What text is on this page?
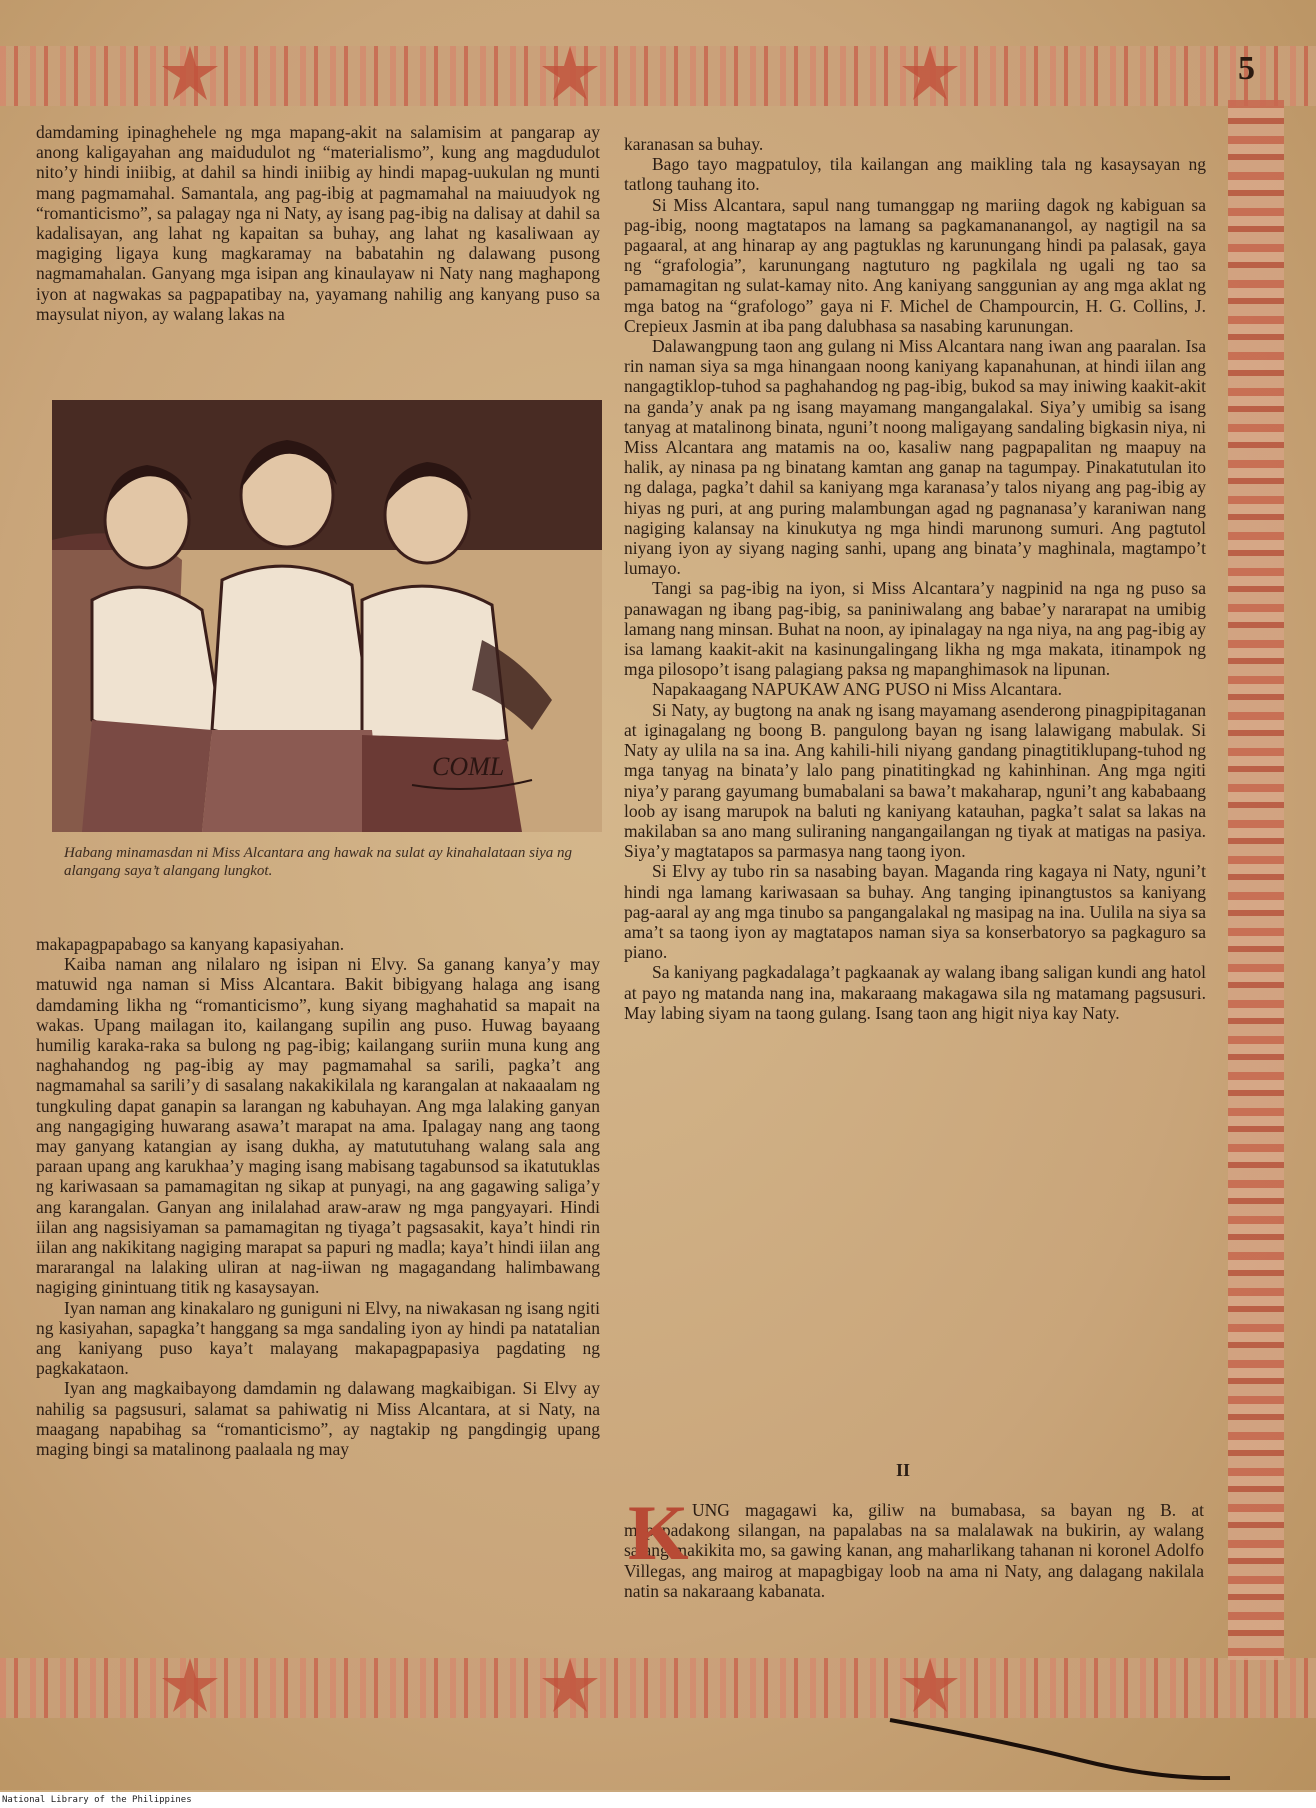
5

damdaming ipinaghehele ng mga mapang-akit na salamisim at pangarap ay anong kaligayahan ang maidudulot ng “materialismo”, kung ang magdudulot nito’y hindi iniibig, at dahil sa hindi iniibig ay hindi mapag-uukulan ng munti mang pagmamahal. Samantala, ang pag-ibig at pagmamahal na maiuudyok ng “romanticismo”, sa palagay nga ni Naty, ay isang pag-ibig na dalisay at dahil sa kadalisayan, ang lahat ng kapaitan sa buhay, ang lahat ng kasaliwaan ay magiging ligaya kung magkaramay na babatahin ng dalawang pusong nagmamahalan. Ganyang mga isipan ang kinaulayaw ni Naty nang maghapong iyon at nagwakas sa pagpapatibay na, yayamang nahilig ang kanyang puso sa maysulat niyon, ay walang lakas na

COML
Habang minamasdan ni Miss Alcantara ang hawak na sulat ay kinahalataan siya ng alangang saya’t alangang lungkot.

makapagpapabago sa kanyang kapasiyahan.

Kaiba naman ang nilalaro ng isipan ni Elvy. Sa ganang kanya’y may matuwid nga naman si Miss Alcantara. Bakit bibigyang halaga ang isang damdaming likha ng “romanticismo”, kung siyang maghahatid sa mapait na wakas. Upang mailagan ito, kailangang supilin ang puso. Huwag bayaang humilig karaka-raka sa bulong ng pag-ibig; kailangang suriin muna kung ang naghahandog ng pag-ibig ay may pagmamahal sa sarili, pagka’t ang nagmamahal sa sarili’y di sasalang nakakikilala ng karangalan at nakaaalam ng tungkuling dapat ganapin sa larangan ng kabuhayan. Ang mga lalaking ganyan ang nangagiging huwarang asawa’t marapat na ama. Ipalagay nang ang taong may ganyang katangian ay isang dukha, ay matututuhang walang sala ang paraan upang ang karukhaa’y maging isang mabisang tagabunsod sa ikatutuklas ng kariwasaan sa pamamagitan ng sikap at punyagi, na ang gagawing saliga’y ang karangalan. Ganyan ang inilalahad araw-araw ng mga pangyayari. Hindi iilan ang nagsisiyaman sa pamamagitan ng tiyaga’t pagsasakit, kaya’t hindi rin iilan ang nakikitang nagiging marapat sa papuri ng madla; kaya’t hindi iilan ang mararangal na lalaking uliran at nag-iiwan ng magagandang halimbawang nagiging ginintuang titik ng kasaysayan.

Iyan naman ang kinakalaro ng guniguni ni Elvy, na niwakasan ng isang ngiti ng kasiyahan, sapagka’t hanggang sa mga sandaling iyon ay hindi pa natatalian ang kaniyang puso kaya’t malayang makapagpapasiya pagdating ng pagkakataon.

Iyan ang magkaibayong damdamin ng dalawang magkaibigan. Si Elvy ay nahilig sa pagsusuri, salamat sa pahiwatig ni Miss Alcantara, at si Naty, na maagang napabihag sa “romanticismo”, ay nagtakip ng pangdingig upang maging bingi sa matalinong paalaala ng may

karanasan sa buhay.

Bago tayo magpatuloy, tila kailangan ang maikling tala ng kasaysayan ng tatlong tauhang ito.

Si Miss Alcantara, sapul nang tumanggap ng mariing dagok ng kabiguan sa pag-ibig, noong magtatapos na lamang sa pagkamananangol, ay nagtigil na sa pagaaral, at ang hinarap ay ang pagtuklas ng karunungang hindi pa palasak, gaya ng “grafologia”, karunungang nagtuturo ng pagkilala ng ugali ng tao sa pamamagitan ng sulat-kamay nito. Ang kaniyang sanggunian ay ang mga aklat ng mga batog na “grafologo” gaya ni F. Michel de Champourcin, H. G. Collins, J. Crepieux Jasmin at iba pang dalubhasa sa nasabing karunungan.

Dalawangpung taon ang gulang ni Miss Alcantara nang iwan ang paaralan. Isa rin naman siya sa mga hinangaan noong kaniyang kapanahunan, at hindi iilan ang nangagtiklop-tuhod sa paghahandog ng pag-ibig, bukod sa may iniwing kaakit-akit na ganda’y anak pa ng isang mayamang mangangalakal. Siya’y umibig sa isang tanyag at matalinong binata, nguni’t noong maligayang sandaling bigkasin niya, ni Miss Alcantara ang matamis na oo, kasaliw nang pagpapalitan ng maapuy na halik, ay ninasa pa ng binatang kamtan ang ganap na tagumpay. Pinakatutulan ito ng dalaga, pagka’t dahil sa kaniyang mga karanasa’y talos niyang ang pag-ibig ay hiyas ng puri, at ang puring malambungan agad ng pagnanasa’y karaniwan nang nagiging kalansay na kinukutya ng mga hindi marunong sumuri. Ang pagtutol niyang iyon ay siyang naging sanhi, upang ang binata’y maghinala, magtampo’t lumayo.

Tangi sa pag-ibig na iyon, si Miss Alcantara’y nagpinid na nga ng puso sa panawagan ng ibang pag-ibig, sa paniniwalang ang babae’y nararapat na umibig lamang nang minsan. Buhat na noon, ay ipinalagay na nga niya, na ang pag-ibig ay isa lamang kaakit-akit na kasinungalingang likha ng mga makata, itinampok ng mga pilosopo’t isang palagiang paksa ng mapanghimasok na lipunan.

Napakaagang NAPUKAW ANG PUSO ni Miss Alcantara.

Si Naty, ay bugtong na anak ng isang mayamang asenderong pinagpipitaganan at iginagalang ng boong B. pangulong bayan ng isang lalawigang mabulak. Si Naty ay ulila na sa ina. Ang kahili-hili niyang gandang pinagtitiklupang-tuhod ng mga tanyag na binata’y lalo pang pinatitingkad ng kahinhinan. Ang mga ngiti niya’y parang gayumang bumabalani sa bawa’t makaharap, nguni’t ang kababaang loob ay isang marupok na baluti ng kaniyang katauhan, pagka’t salat sa lakas na makilaban sa ano mang suliraning nangangailangan ng tiyak at matigas na pasiya. Siya’y magtatapos sa parmasya nang taong iyon.

Si Elvy ay tubo rin sa nasabing bayan. Maganda ring kagaya ni Naty, nguni’t hindi nga lamang kariwasaan sa buhay. Ang tanging ipinangtustos sa kaniyang pag-aaral ay ang mga tinubo sa pangangalakal ng masipag na ina. Uulila na siya sa ama’t sa taong iyon ay magtatapos naman siya sa konserbatoryo sa pagkaguro sa piano.

Sa kaniyang pagkadalaga’t pagkaanak ay walang ibang saligan kundi ang hatol at payo ng matanda nang ina, makaraang makagawa sila ng matamang pagsusuri. May labing siyam na taong gulang. Isang taon ang higit niya kay Naty.

II
K UNG magagawi ka, giliw na bumabasa, sa bayan ng B. at mapapadakong silangan, na papalabas na sa malalawak na bukirin, ay walang salang makikita mo, sa gawing kanan, ang maharlikang tahanan ni koronel Adolfo Villegas, ang mairog at mapagbigay loob na ama ni Naty, ang dalagang nakilala natin sa nakaraang kabanata.

National Library of the Philippines
